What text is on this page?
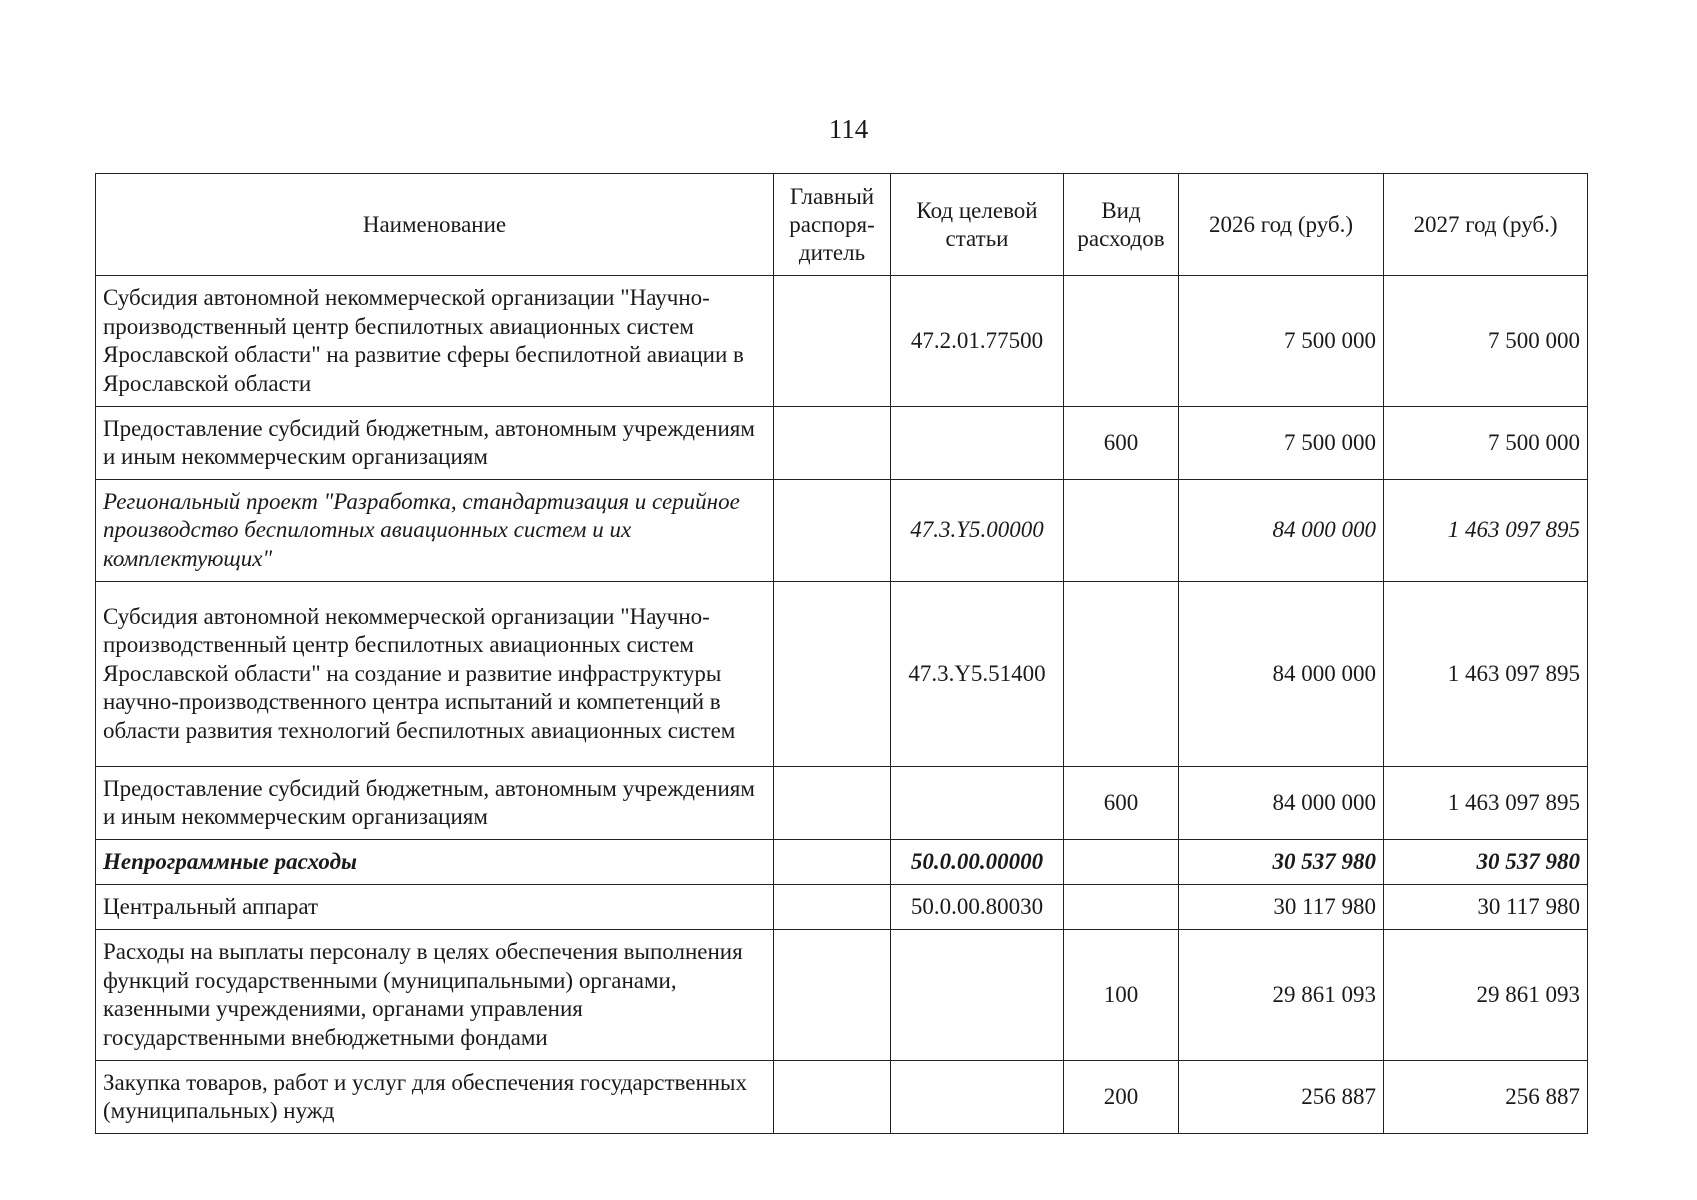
114
Наименование	Главный распоря-дитель	Код целевой статьи	Вид расходов	2026 год (руб.)	2027 год (руб.)
Субсидия автономной некоммерческой организации "Научно-производственный центр беспилотных авиационных систем Ярославской области" на развитие сферы беспилотной авиации в Ярославской области		47.2.01.77500		7 500 000	7 500 000
Предоставление субсидий бюджетным, автономным учреждениям и иным некоммерческим организациям			600	7 500 000	7 500 000
Региональный проект "Разработка, стандартизация и серийное производство беспилотных авиационных систем и их комплектующих"		47.3.Y5.00000		84 000 000	1 463 097 895
Субсидия автономной некоммерческой организации "Научно-производственный центр беспилотных авиационных систем Ярославской области" на создание и развитие инфраструктуры научно-производственного центра испытаний и компетенций в области развития технологий беспилотных авиационных систем		47.3.Y5.51400		84 000 000	1 463 097 895
Предоставление субсидий бюджетным, автономным учреждениям и иным некоммерческим организациям			600	84 000 000	1 463 097 895
Непрограммные расходы		50.0.00.00000		30 537 980	30 537 980
Центральный аппарат		50.0.00.80030		30 117 980	30 117 980
Расходы на выплаты персоналу в целях обеспечения выполнения функций государственными (муниципальными) органами, казенными учреждениями, органами управления государственными внебюджетными фондами			100	29 861 093	29 861 093
Закупка товаров, работ и услуг для обеспечения государственных (муниципальных) нужд			200	256 887	256 887
